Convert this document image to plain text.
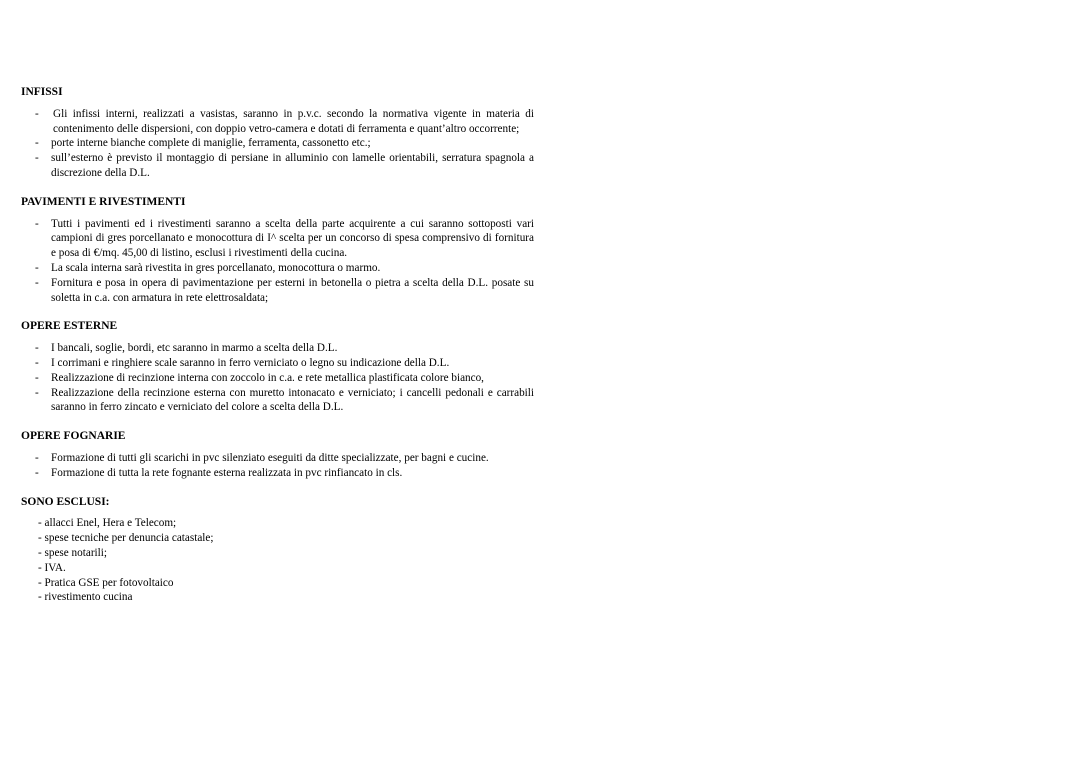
INFISSI
- Gli infissi interni, realizzati a vasistas, saranno in p.v.c. secondo la normativa vigente in materia di contenimento delle dispersioni, con doppio vetro-camera e dotati di ferramenta e quant’altro occorrente;
- porte interne bianche complete di maniglie, ferramenta, cassonetto etc.;
- sull’esterno è previsto il montaggio di persiane in alluminio con lamelle orientabili, serratura spagnola a discrezione della D.L.
PAVIMENTI E RIVESTIMENTI
- Tutti i pavimenti ed i rivestimenti saranno a scelta della parte acquirente a cui saranno sottoposti vari campioni di gres porcellanato e monocottura di I^ scelta per un concorso di spesa comprensivo di fornitura e posa di €/mq. 45,00 di listino, esclusi i rivestimenti della cucina.
- La scala interna sarà rivestita in gres porcellanato, monocottura o marmo.
- Fornitura e posa in opera di pavimentazione per esterni in betonella o pietra a scelta della D.L. posate su soletta in c.a. con armatura in rete elettrosaldata;
OPERE ESTERNE
- I bancali, soglie, bordi, etc saranno in marmo a scelta della D.L.
- I corrimani e ringhiere scale saranno in ferro verniciato o legno su indicazione della D.L.
- Realizzazione di recinzione interna con zoccolo in c.a. e rete metallica plastificata colore bianco,
- Realizzazione della recinzione esterna con muretto intonacato e verniciato; i cancelli pedonali e carrabili saranno in ferro zincato e verniciato del colore a scelta della D.L.
OPERE FOGNARIE
- Formazione di tutti gli scarichi in pvc silenziato eseguiti da ditte specializzate, per bagni e cucine.
- Formazione di tutta la rete fognante esterna realizzata in pvc rinfiancato in cls.
SONO ESCLUSI:
- allacci Enel, Hera e Telecom;
- spese tecniche per denuncia catastale;
- spese notarili;
- IVA.
- Pratica GSE per fotovoltaico
- rivestimento cucina
